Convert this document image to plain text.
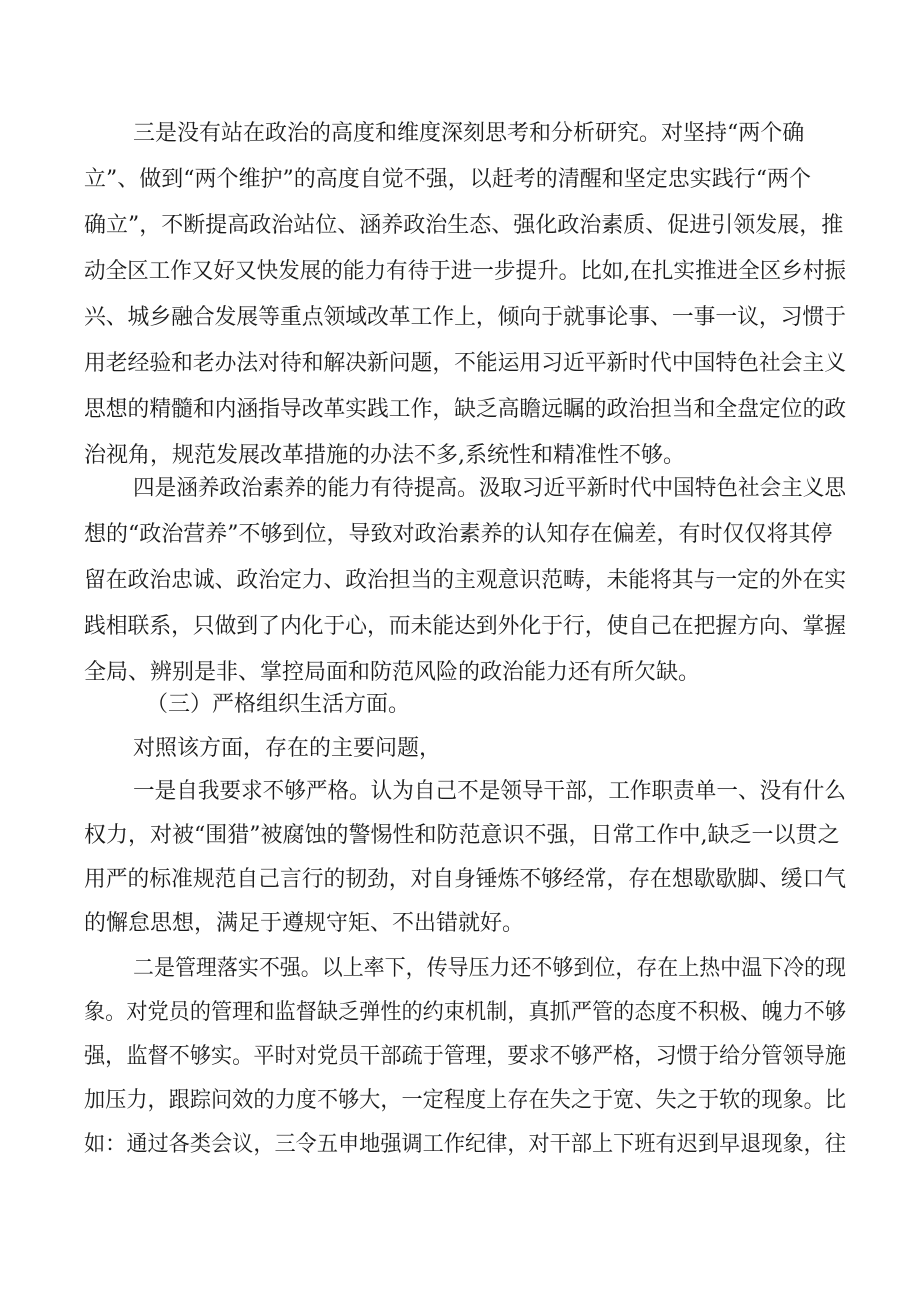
三是没有站在政治的高度和维度深刻思考和分析研究。对坚持“两个确

立”、做到“两个维护”的高度自觉不强，以赶考的清醒和坚定忠实践行“两个

确立”，不断提高政治站位、涵养政治生态、强化政治素质、促进引领发展，推

动全区工作又好又快发展的能力有待于进一步提升。比如,在扎实推进全区乡村振

兴、城乡融合发展等重点领域改革工作上，倾向于就事论事、一事一议，习惯于

用老经验和老办法对待和解决新问题，不能运用习近平新时代中国特色社会主义

思想的精髓和内涵指导改革实践工作，缺乏高瞻远瞩的政治担当和全盘定位的政

治视角，规范发展改革措施的办法不多,系统性和精准性不够。

四是涵养政治素养的能力有待提高。汲取习近平新时代中国特色社会主义思

想的“政治营养”不够到位，导致对政治素养的认知存在偏差，有时仅仅将其停

留在政治忠诚、政治定力、政治担当的主观意识范畴，未能将其与一定的外在实

践相联系，只做到了内化于心，而未能达到外化于行，使自己在把握方向、掌握

全局、辨别是非、掌控局面和防范风险的政治能力还有所欠缺。

（三）严格组织生活方面。

对照该方面，存在的主要问题，

一是自我要求不够严格。认为自己不是领导干部，工作职责单一、没有什么

权力，对被“围猎”被腐蚀的警惕性和防范意识不强，日常工作中,缺乏一以贯之

用严的标准规范自己言行的韧劲，对自身锤炼不够经常，存在想歇歇脚、缓口气

的懈怠思想，满足于遵规守矩、不出错就好。

二是管理落实不强。以上率下，传导压力还不够到位，存在上热中温下冷的现

象。对党员的管理和监督缺乏弹性的约束机制，真抓严管的态度不积极、魄力不够

强，监督不够实。平时对党员干部疏于管理，要求不够严格，习惯于给分管领导施

加压力，跟踪问效的力度不够大，一定程度上存在失之于宽、失之于软的现象。比

如：通过各类会议，三令五申地强调工作纪律，对干部上下班有迟到早退现象，往
